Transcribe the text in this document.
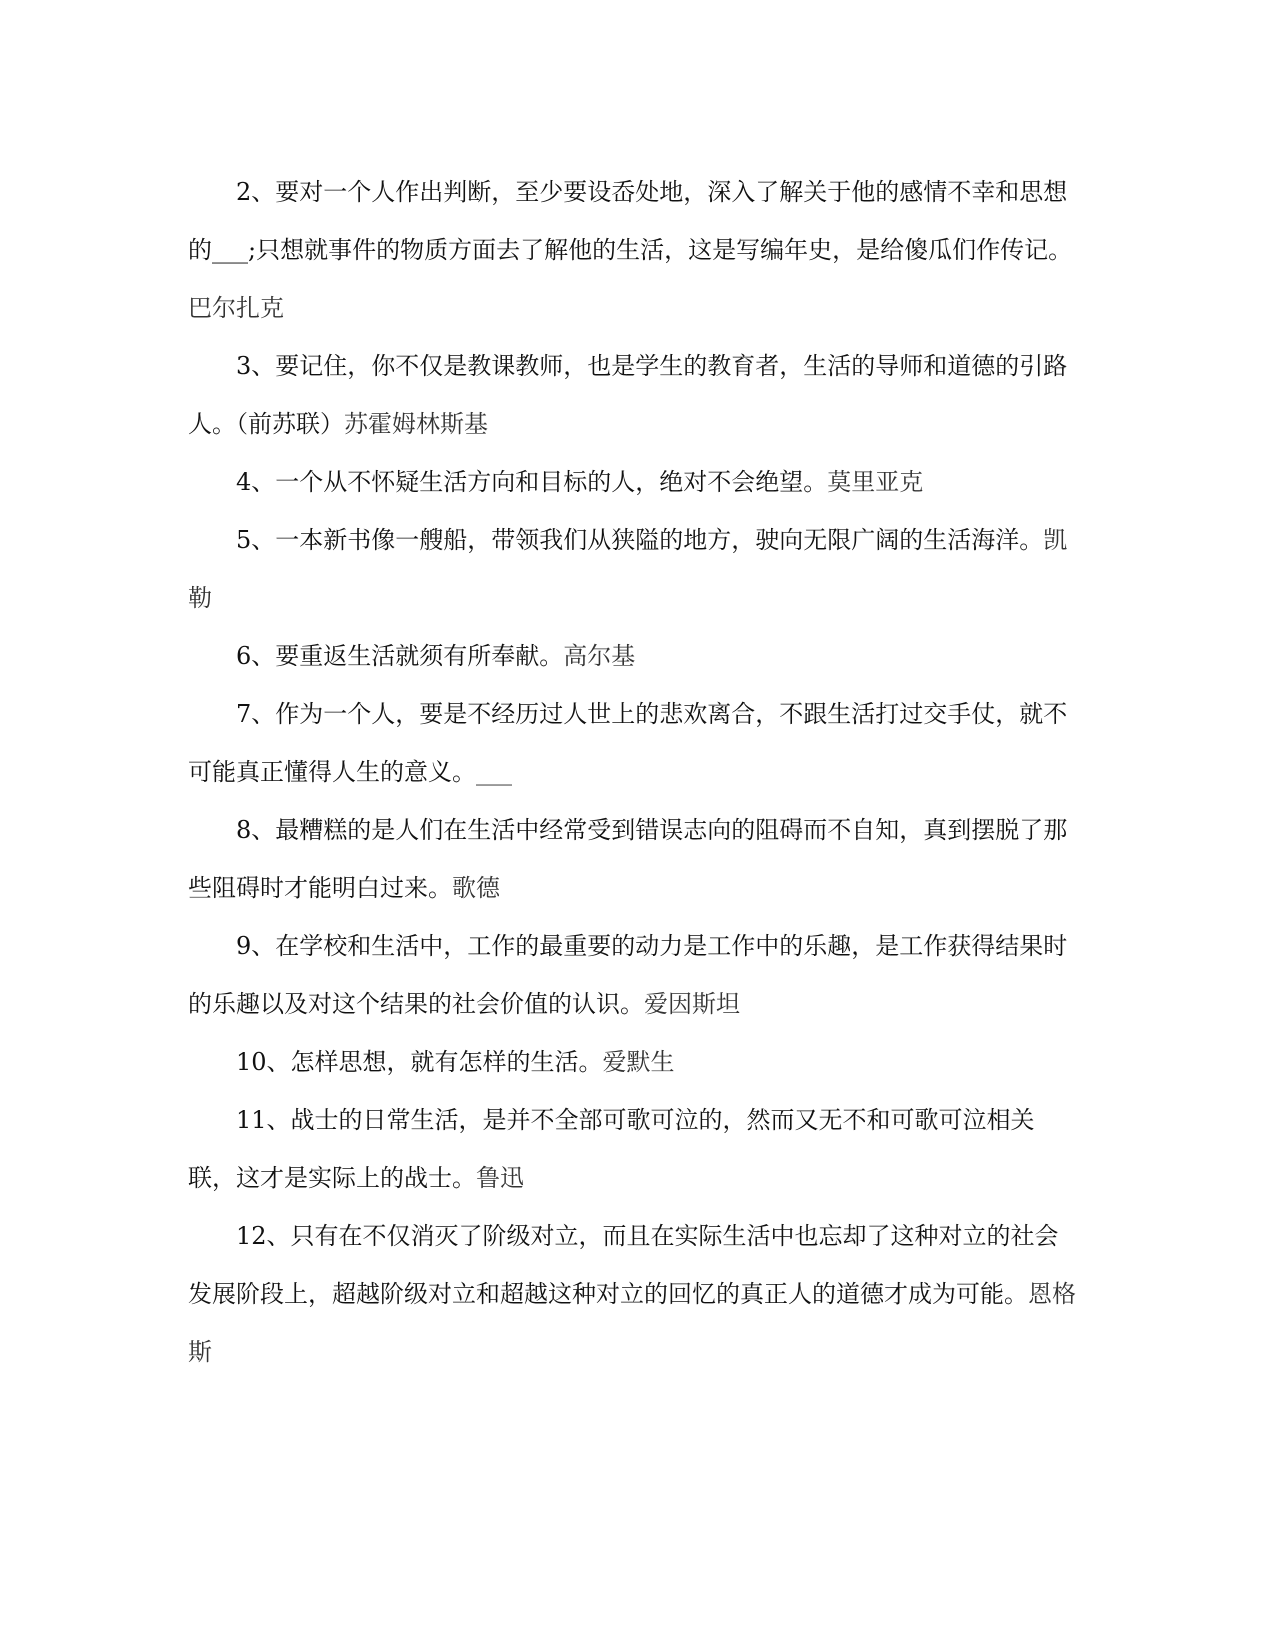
2、要对一个人作出判断，至少要设岙处地，深入了解关于他的感情不幸和思想的___;只想就事件的物质方面去了解他的生活，这是写编年史，是给傻瓜们作传记。巴尔扎克

3、要记住，你不仅是教课教师，也是学生的教育者，生活的导师和道德的引路人。（前苏联）苏霍姆林斯基

4、一个从不怀疑生活方向和目标的人，绝对不会绝望。莫里亚克

5、一本新书像一艘船，带领我们从狭隘的地方，驶向无限广阔的生活海洋。凯勒

6、要重返生活就须有所奉献。高尔基

7、作为一个人，要是不经历过人世上的悲欢离合，不跟生活打过交手仗，就不可能真正懂得人生的意义。___

8、最糟糕的是人们在生活中经常受到错误志向的阻碍而不自知，真到摆脱了那些阻碍时才能明白过来。歌德

9、在学校和生活中，工作的最重要的动力是工作中的乐趣，是工作获得结果时的乐趣以及对这个结果的社会价值的认识。爱因斯坦

10、怎样思想，就有怎样的生活。爱默生

11、战士的日常生活，是并不全部可歌可泣的，然而又无不和可歌可泣相关联，这才是实际上的战士。鲁迅

12、只有在不仅消灭了阶级对立，而且在实际生活中也忘却了这种对立的社会发展阶段上，超越阶级对立和超越这种对立的回忆的真正人的道德才成为可能。恩格斯
